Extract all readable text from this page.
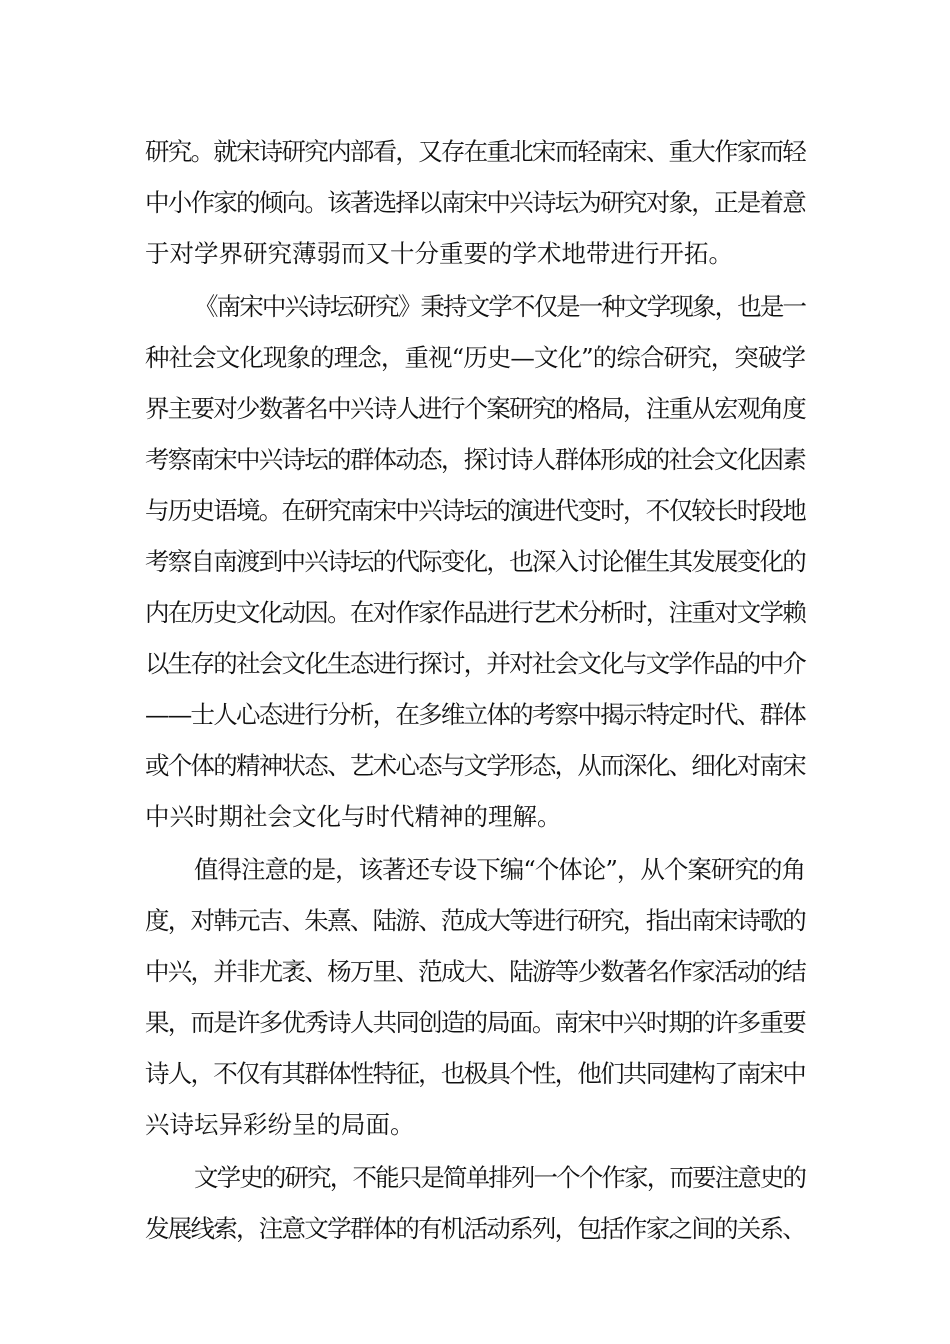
研究。就宋诗研究内部看，又存在重北宋而轻南宋、重大作家而轻
中小作家的倾向。该著选择以南宋中兴诗坛为研究对象，正是着意
于对学界研究薄弱而又十分重要的学术地带进行开拓。
《南宋中兴诗坛研究》秉持文学不仅是一种文学现象，也是一
种社会文化现象的理念，重视“历史—文化”的综合研究，突破学
界主要对少数著名中兴诗人进行个案研究的格局，注重从宏观角度
考察南宋中兴诗坛的群体动态，探讨诗人群体形成的社会文化因素
与历史语境。在研究南宋中兴诗坛的演进代变时，不仅较长时段地
考察自南渡到中兴诗坛的代际变化，也深入讨论催生其发展变化的
内在历史文化动因。在对作家作品进行艺术分析时，注重对文学赖
以生存的社会文化生态进行探讨，并对社会文化与文学作品的中介
——士人心态进行分析，在多维立体的考察中揭示特定时代、群体
或个体的精神状态、艺术心态与文学形态，从而深化、细化对南宋
中兴时期社会文化与时代精神的理解。
值得注意的是，该著还专设下编“个体论”，从个案研究的角
度，对韩元吉、朱熹、陆游、范成大等进行研究，指出南宋诗歌的
中兴，并非尤袤、杨万里、范成大、陆游等少数著名作家活动的结
果，而是许多优秀诗人共同创造的局面。南宋中兴时期的许多重要
诗人，不仅有其群体性特征，也极具个性，他们共同建构了南宋中
兴诗坛异彩纷呈的局面。
文学史的研究，不能只是简单排列一个个作家，而要注意史的
发展线索，注意文学群体的有机活动系列，包括作家之间的关系、
